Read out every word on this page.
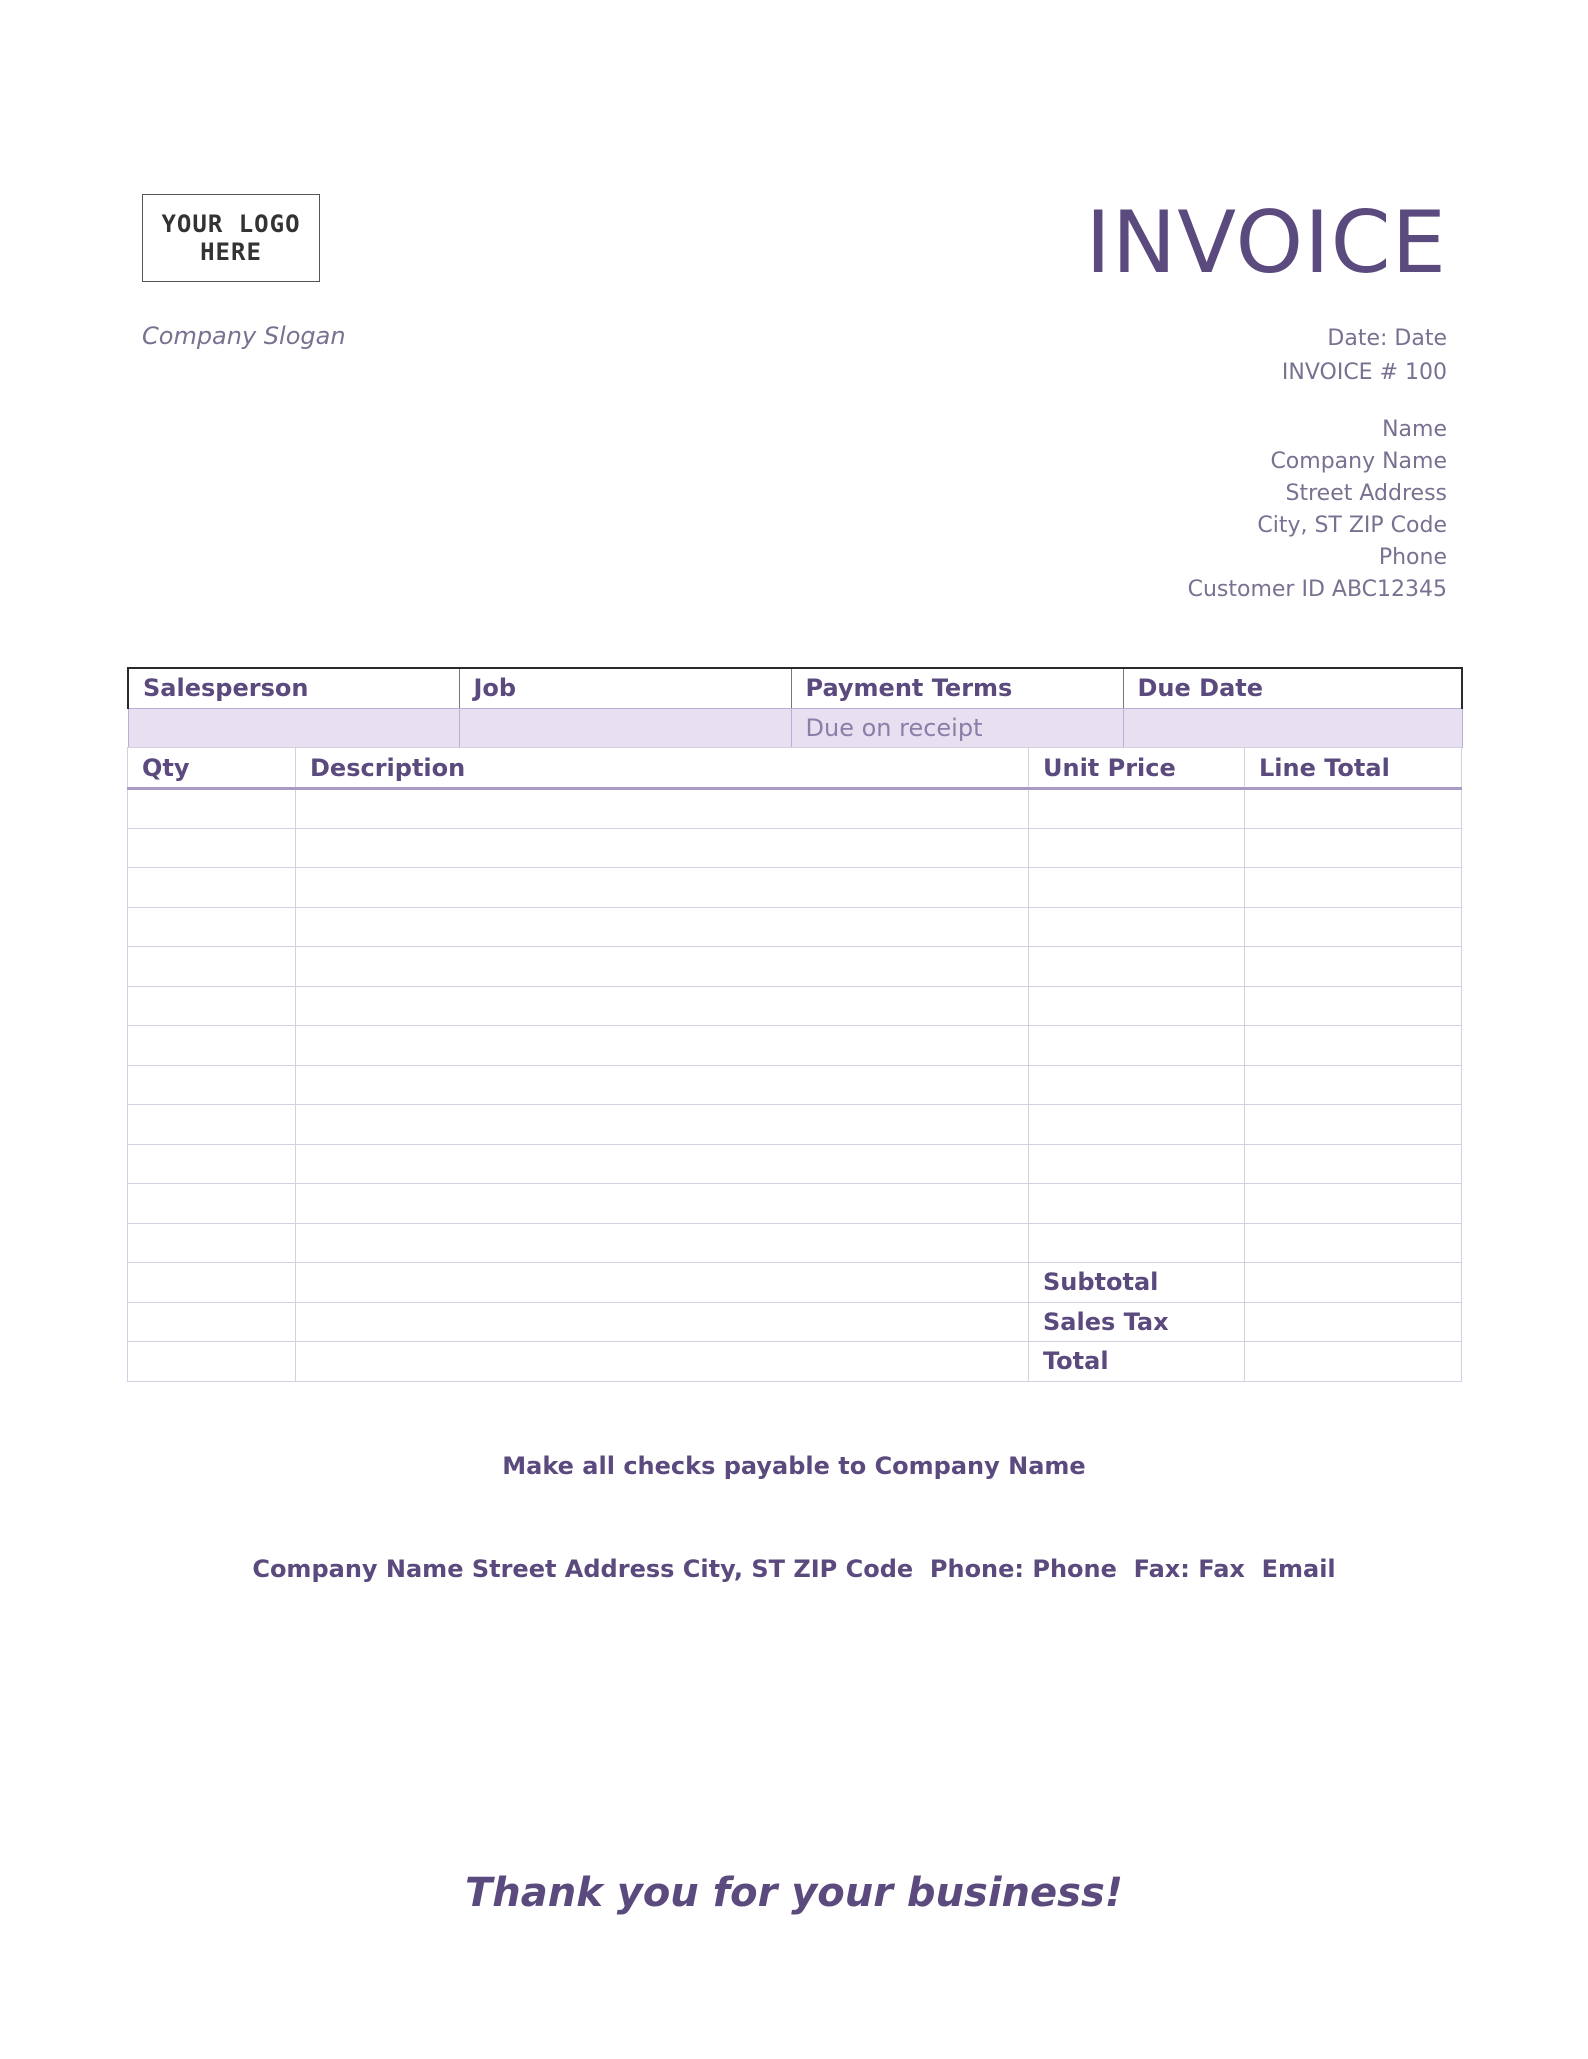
YOUR LOGO
HERE
Company Slogan
INVOICE
Date: Date
INVOICE # 100
Name
Company Name
Street Address
City, ST ZIP Code
Phone
Customer ID ABC12345
Salesperson	Job	Payment Terms	Due Date
		Due on receipt	
Qty	Description	Unit Price	Line Total

		Subtotal	
		Sales Tax	
		Total	
Make all checks payable to Company Name
Company Name Street Address City, ST ZIP Code  Phone: Phone  Fax: Fax  Email
Thank you for your business!
